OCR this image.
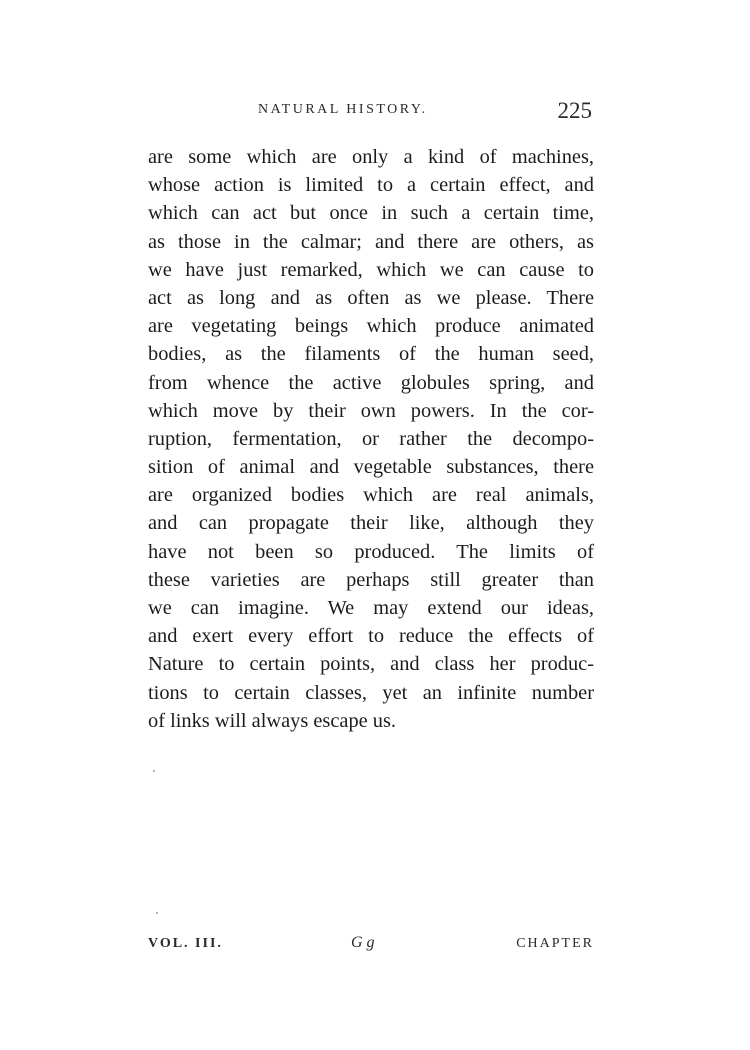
NATURAL HISTORY.	225
are some which are only a kind of machines,
whose action is limited to a certain effect, and
which can act but once in such a certain time,
as those in the calmar; and there are others, as
we have just remarked, which we can cause to
act as long and as often as we please. There
are vegetating beings which produce animated
bodies, as the filaments of the human seed,
from whence the active globules spring, and
which move by their own powers. In the cor-
ruption, fermentation, or rather the decompo-
sition of animal and vegetable substances, there
are organized bodies which are real animals,
and can propagate their like, although they
have not been so produced. The limits of
these varieties are perhaps still greater than
we can imagine. We may extend our ideas,
and exert every effort to reduce the effects of
Nature to certain points, and class her produc-
tions to certain classes, yet an infinite number
of links will always escape us.
VOL. III.	G g	CHAPTER
